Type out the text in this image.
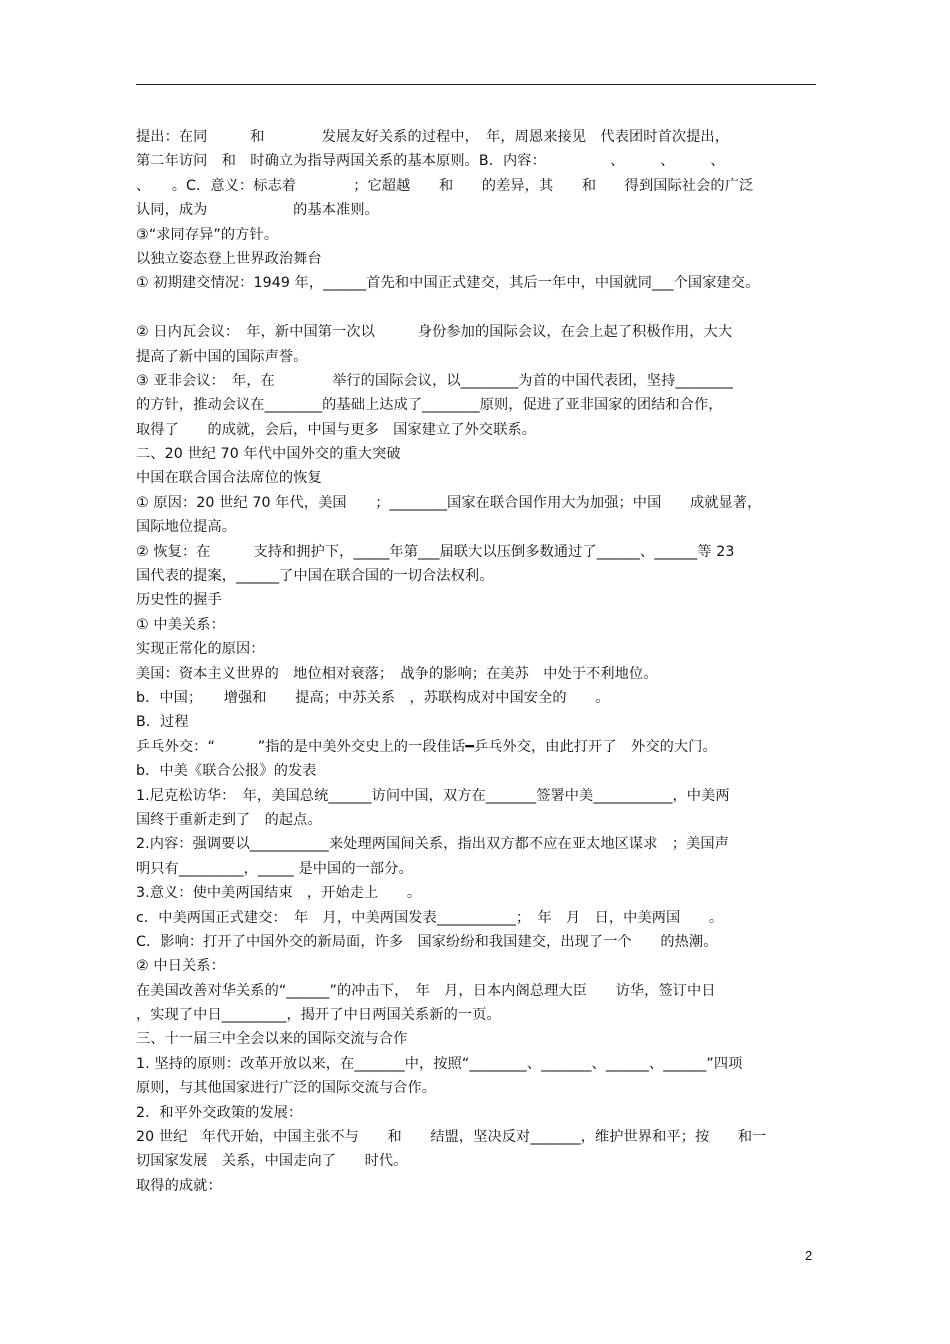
提出：在同　　　和　　　　发展友好关系的过程中，　年，周恩来接见　代表团时首次提出，
第二年访问　和　时确立为指导两国关系的基本原则。B．内容：　　　　　、　　　、　　　、
、　　。C．意义：标志着　　　　；它超越　　和　　的差异，其　　和　　得到国际社会的广泛
认同，成为　　　　　　的基本准则。
③“求同存异”的方针。
以独立姿态登上世界政治舞台
① 初期建交情况：1949 年，______首先和中国正式建交，其后一年中，中国就同___个国家建交。
② 日内瓦会议：　年，新中国第一次以　　　身份参加的国际会议，在会上起了积极作用，大大
提高了新中国的国际声誉。
③ 亚非会议：　年，在　　　　举行的国际会议，以________为首的中国代表团，坚持________
的方针，推动会议在________的基础上达成了________原则，促进了亚非国家的团结和合作，
取得了　　的成就，会后，中国与更多　国家建立了外交联系。
二、20 世纪 70 年代中国外交的重大突破
中国在联合国合法席位的恢复
① 原因：20 世纪 70 年代，美国　　；________国家在联合国作用大为加强；中国　　成就显著，
国际地位提高。
② 恢复：在　　　支持和拥护下，_____年第___届联大以压倒多数通过了______、______等 23
国代表的提案，______了中国在联合国的一切合法权利。
历史性的握手
① 中美关系：
实现正常化的原因：
美国：资本主义世界的　地位相对衰落；　战争的影响；在美苏　中处于不利地位。
b．中国；　　增强和　　提高；中苏关系　，苏联构成对中国安全的　　。
B．过程
乒乓外交：“　　　”指的是中美外交史上的一段佳话━乒乓外交，由此打开了　外交的大门。
b．中美《联合公报》的发表
1.尼克松访华：　年，美国总统______访问中国，双方在_______签署中美___________，中美两
国终于重新走到了　的起点。
2.内容：强调要以___________来处理两国间关系，指出双方都不应在亚太地区谋求　；美国声
明只有_________，_____ 是中国的一部分。
3.意义：使中美两国结束　，开始走上　　。
c．中美两国正式建交：　年　月，中美两国发表___________；　年　月　日，中美两国　　。
C．影响：打开了中国外交的新局面，许多　国家纷纷和我国建交，出现了一个　　的热潮。
② 中日关系：
在美国改善对华关系的“______”的冲击下，　年　月，日本内阁总理大臣　　访华，签订中日
，实现了中日_________，揭开了中日两国关系新的一页。
三、十一届三中全会以来的国际交流与合作
1. 坚持的原则：改革开放以来，在_______中，按照“________、_______、______、______”四项
原则，与其他国家进行广泛的国际交流与合作。
2．和平外交政策的发展：
20 世纪　年代开始，中国主张不与　　和　　结盟，坚决反对_______，维护世界和平；按　　和一
切国家发展　关系，中国走向了　　时代。
取得的成就：
2
